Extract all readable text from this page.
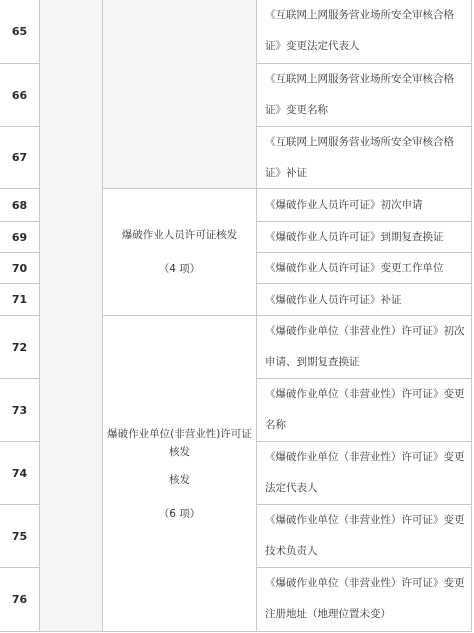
65
66
67
68
69
70
71
72
73
74
75
76
爆破作业人员许可证核发
（4 项）
爆破作业单位(非营业性)许可证核发
核发
（6 项）
《互联网上网服务营业场所安全审核合格证》变更法定代表人
《互联网上网服务营业场所安全审核合格证》变更名称
《互联网上网服务营业场所安全审核合格证》补证
《爆破作业人员许可证》初次申请
《爆破作业人员许可证》到期复查换证
《爆破作业人员许可证》变更工作单位
《爆破作业人员许可证》补证
《爆破作业单位（非营业性）许可证》初次申请、到期复查换证
《爆破作业单位（非营业性）许可证》变更名称
《爆破作业单位（非营业性）许可证》变更法定代表人
《爆破作业单位（非营业性）许可证》变更技术负责人
《爆破作业单位（非营业性）许可证》变更注册地址（地理位置未变）
